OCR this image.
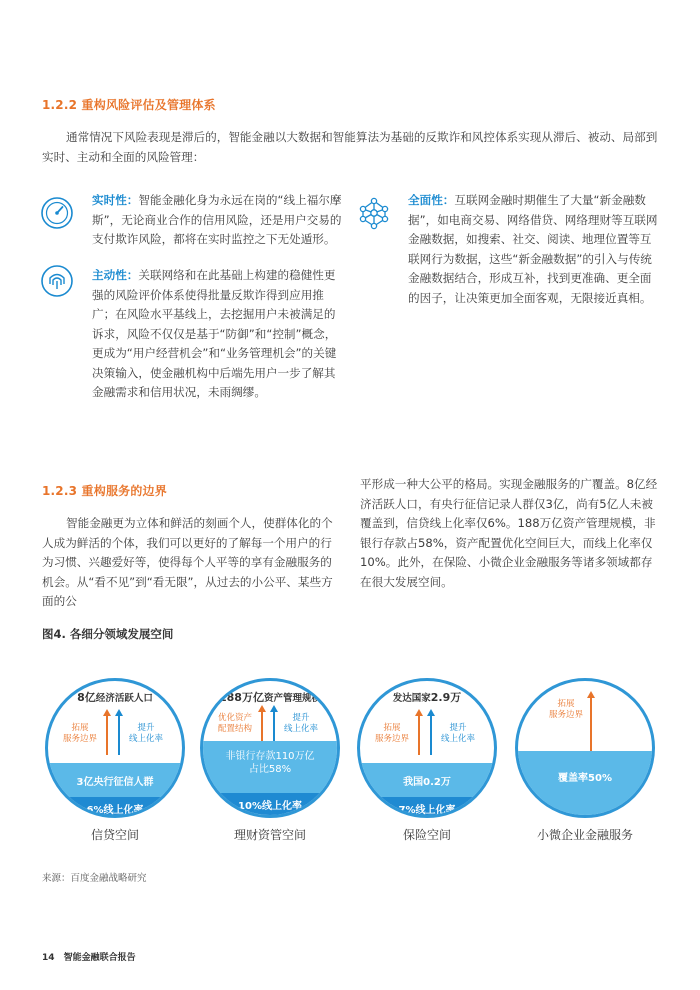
1.2.2 重构风险评估及管理体系
通常情况下风险表现是滞后的，智能金融以大数据和智能算法为基础的反欺诈和风控体系实现从滞后、被动、局部到实时、主动和全面的风险管理：
实时性：智能金融化身为永远在岗的“线上福尔摩斯”，无论商业合作的信用风险，还是用户交易的支付欺诈风险，都将在实时监控之下无处遁形。
主动性：关联网络和在此基础上构建的稳健性更强的风险评价体系使得批量反欺诈得到应用推广；在风险水平基线上，去挖掘用户未被满足的诉求，风险不仅仅是基于“防御”和“控制”概念，更成为“用户经营机会”和“业务管理机会”的关键决策输入，使金融机构中后端先用户一步了解其金融需求和信用状况，未雨绸缪。
全面性：互联网金融时期催生了大量“新金融数据”，如电商交易、网络借贷、网络理财等互联网金融数据，如搜索、社交、阅读、地理位置等互联网行为数据，这些“新金融数据”的引入与传统金融数据结合，形成互补，找到更准确、更全面的因子，让决策更加全面客观，无限接近真相。
1.2.3 重构服务的边界
智能金融更为立体和鲜活的刻画个人，使群体化的个人成为鲜活的个体，我们可以更好的了解每一个用户的行为习惯、兴趣爱好等，使得每个人平等的享有金融服务的机会。从“看不见”到“看无限”，从过去的小公平、某些方面的公
平形成一种大公平的格局。实现金融服务的广覆盖。8亿经济活跃人口，有央行征信记录人群仅3亿，尚有5亿人未被覆盖到，信贷线上化率仅6%。188万亿资产管理规模，非银行存款占58%，资产配置优化空间巨大，而线上化率仅10%。此外，在保险、小微企业金融服务等诸多领域都存在很大发展空间。
图4. 各细分领域发展空间
8亿经济活跃人口
拓展
服务边界
提升
线上化率
3亿央行征信人群
6%线上化率
信贷空间
188万亿资产管理规模
优化资产
配置结构
提升
线上化率
非银行存款110万亿
占比58%
10%线上化率
理财资管空间
发达国家2.9万
拓展
服务边界
提升
线上化率
我国0.2万
7%线上化率
保险空间
拓展
服务边界
覆盖率50%
小微企业金融服务
来源：百度金融战略研究
14 智能金融联合报告
